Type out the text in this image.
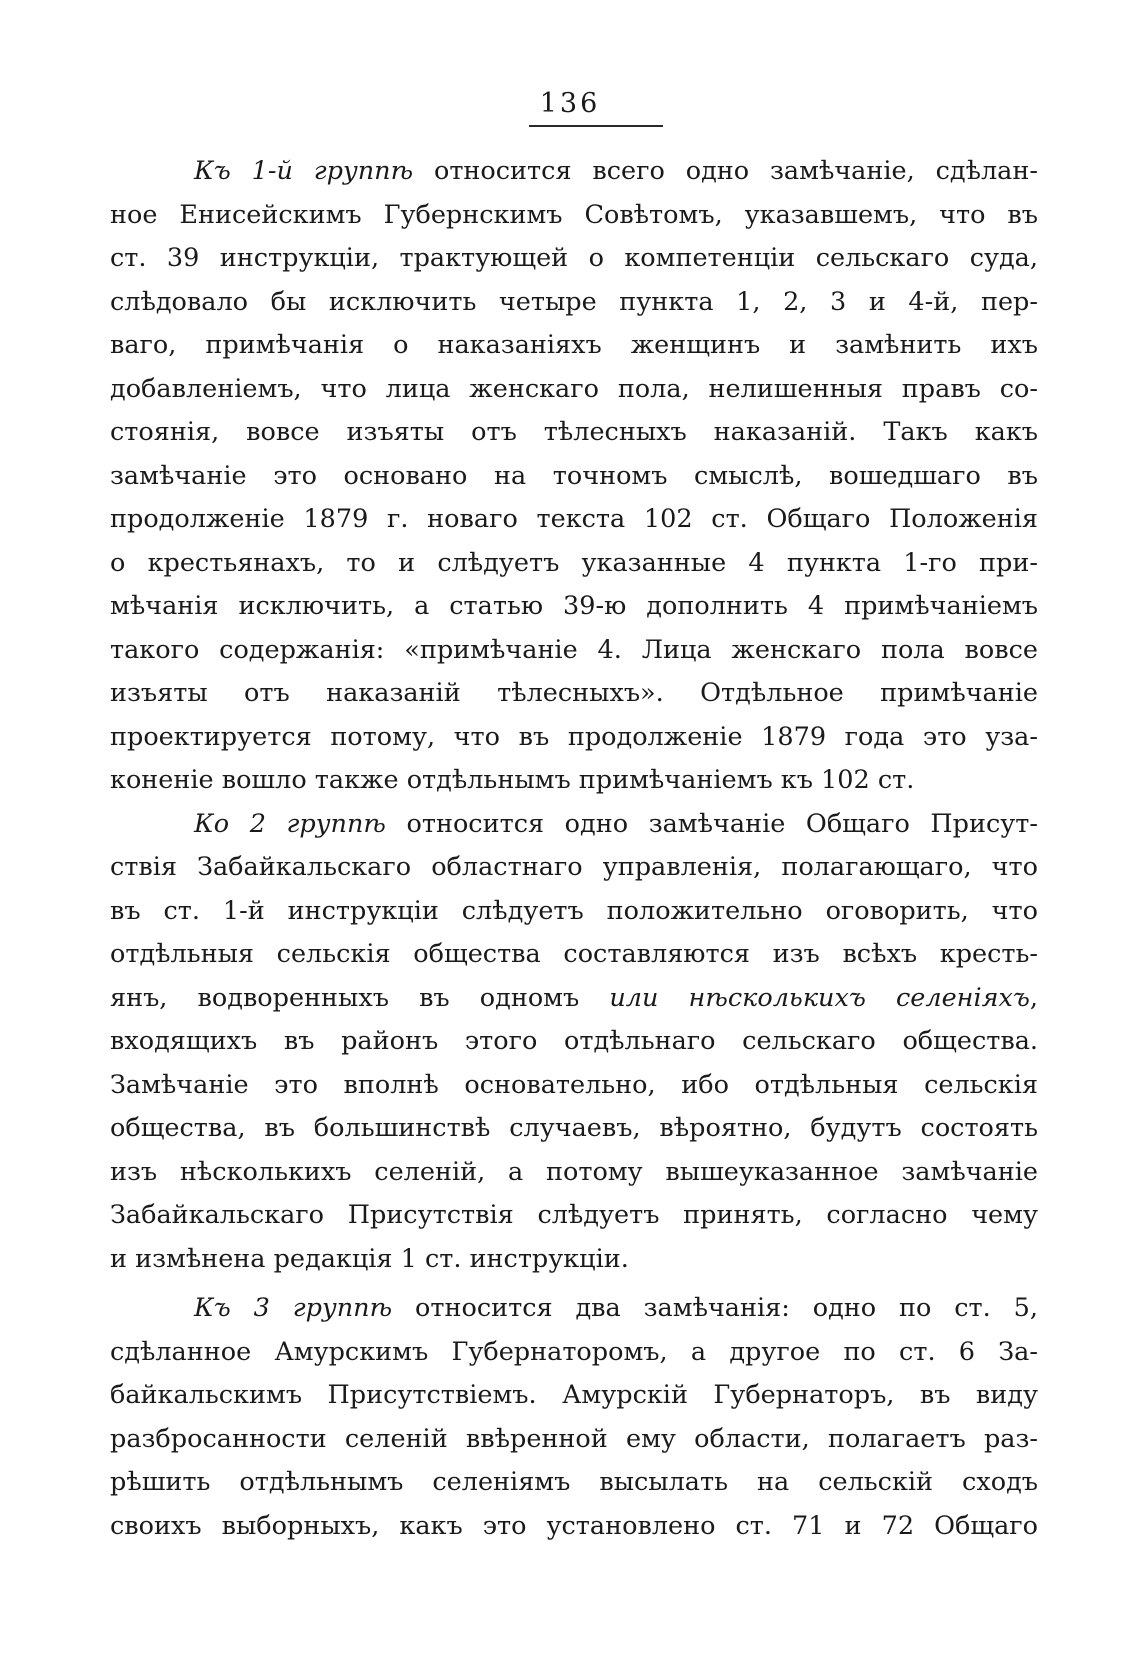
136
Къ 1-й группѣ относится всего одно замѣчаніе, сдѣлан-
ное Енисейскимъ Губернскимъ Совѣтомъ, указавшемъ, что въ
ст. 39 инструкціи, трактующей о компетенціи сельскаго суда,
слѣдовало бы исключить четыре пункта 1, 2, 3 и 4-й, пер-
ваго, примѣчанія о наказаніяхъ женщинъ и замѣнить ихъ
добавленіемъ, что лица женскаго пола, нелишенныя правъ со-
стоянія, вовсе изъяты отъ тѣлесныхъ наказаній. Такъ какъ
замѣчаніе это основано на точномъ смыслѣ, вошедшаго въ
продолженіе 1879 г. новаго текста 102 ст. Общаго Положенія
о крестьянахъ, то и слѣдуетъ указанные 4 пункта 1-го при-
мѣчанія исключить, а статью 39-ю дополнить 4 примѣчаніемъ
такого содержанія: «примѣчаніе 4. Лица женскаго пола вовсе
изъяты отъ наказаній тѣлесныхъ». Отдѣльное примѣчаніе
проектируется потому, что въ продолженіе 1879 года это уза-
коненіе вошло также отдѣльнымъ примѣчаніемъ къ 102 ст.
Ко 2 группѣ относится одно замѣчаніе Общаго Присут-
ствія Забайкальскаго областнаго управленія, полагающаго, что
въ ст. 1-й инструкціи слѣдуетъ положительно оговорить, что
отдѣльныя сельскія общества составляются изъ всѣхъ кресть-
янъ, водворенныхъ въ одномъ или нѣсколькихъ селеніяхъ,
входящихъ въ районъ этого отдѣльнаго сельскаго общества.
Замѣчаніе это вполнѣ основательно, ибо отдѣльныя сельскія
общества, въ большинствѣ случаевъ, вѣроятно, будутъ состоять
изъ нѣсколькихъ селеній, а потому вышеуказанное замѣчаніе
Забайкальскаго Присутствія слѣдуетъ принять, согласно чему
и измѣнена редакція 1 ст. инструкціи.
Къ 3 группѣ относится два замѣчанія: одно по ст. 5,
сдѣланное Амурскимъ Губернаторомъ, а другое по ст. 6 За-
байкальскимъ Присутствіемъ. Амурскій Губернаторъ, въ виду
разбросанности селеній ввѣренной ему области, полагаетъ раз-
рѣшить отдѣльнымъ селеніямъ высылать на сельскій сходъ
своихъ выборныхъ, какъ это установлено ст. 71 и 72 Общаго
